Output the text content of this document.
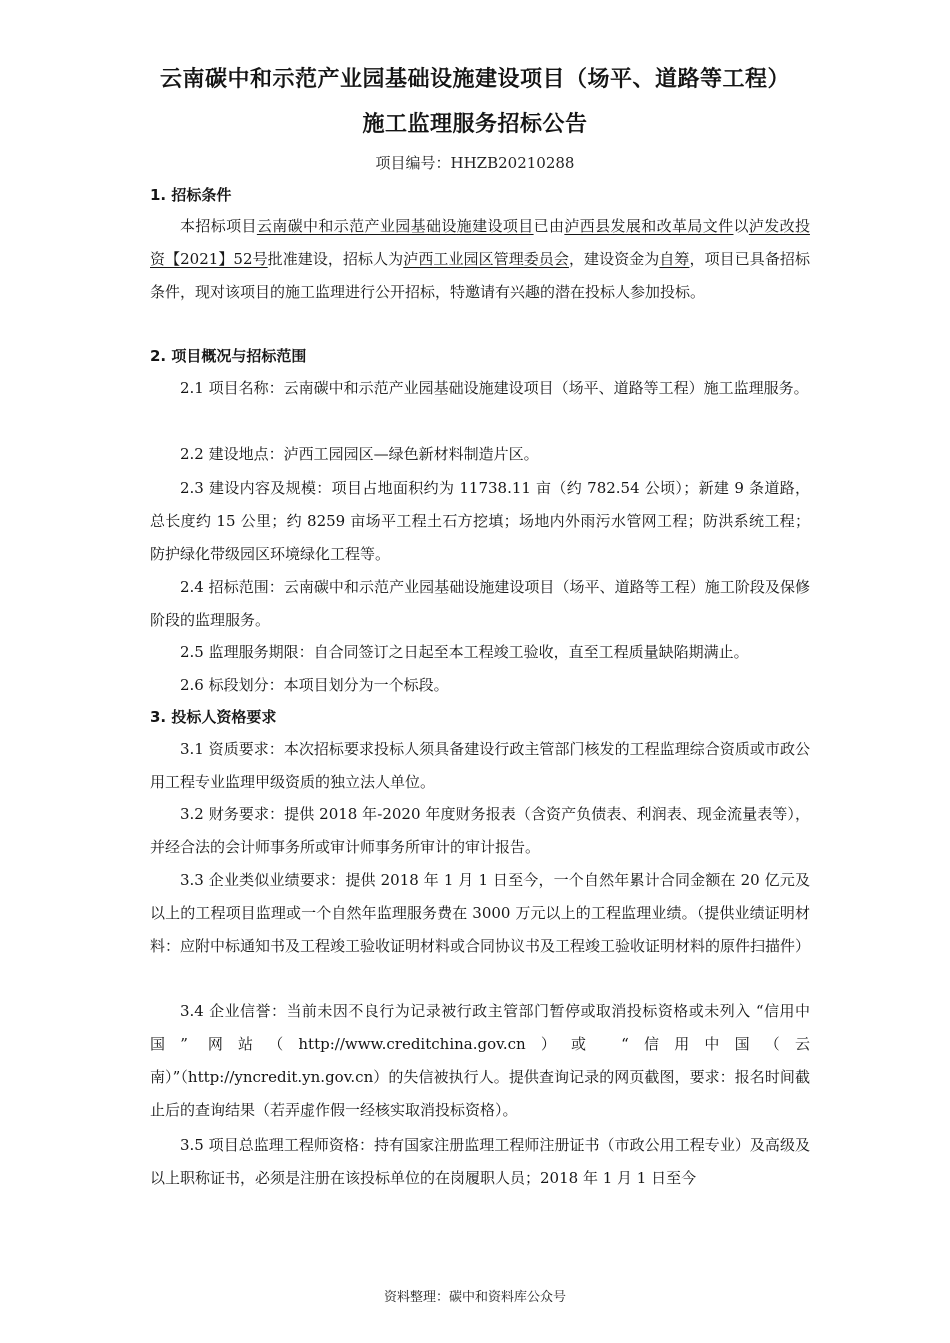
云南碳中和示范产业园基础设施建设项目（场平、道路等工程）
施工监理服务招标公告
项目编号：HHZB20210288
1. 招标条件
本招标项目云南碳中和示范产业园基础设施建设项目已由泸西县发展和改革局文件以泸发改投资【2021】52号批准建设，招标人为泸西工业园区管理委员会，建设资金为自筹，项目已具备招标条件，现对该项目的施工监理进行公开招标，特邀请有兴趣的潜在投标人参加投标。
2. 项目概况与招标范围
2.1 项目名称：云南碳中和示范产业园基础设施建设项目（场平、道路等工程）施工监理服务。
2.2 建设地点：泸西工园园区—绿色新材料制造片区。
2.3 建设内容及规模：项目占地面积约为 11738.11 亩（约 782.54 公顷）；新建 9 条道路，总长度约 15 公里；约 8259 亩场平工程土石方挖填；场地内外雨污水管网工程；防洪系统工程；防护绿化带级园区环境绿化工程等。
2.4 招标范围：云南碳中和示范产业园基础设施建设项目（场平、道路等工程）施工阶段及保修阶段的监理服务。
2.5 监理服务期限：自合同签订之日起至本工程竣工验收，直至工程质量缺陷期满止。
2.6 标段划分：本项目划分为一个标段。
3. 投标人资格要求
3.1 资质要求：本次招标要求投标人须具备建设行政主管部门核发的工程监理综合资质或市政公用工程专业监理甲级资质的独立法人单位。
3.2 财务要求：提供 2018 年-2020 年度财务报表（含资产负债表、利润表、现金流量表等），并经合法的会计师事务所或审计师事务所审计的审计报告。
3.3 企业类似业绩要求：提供 2018 年 1 月 1 日至今，一个自然年累计合同金额在 20 亿元及以上的工程项目监理或一个自然年监理服务费在 3000 万元以上的工程监理业绩。（提供业绩证明材料：应附中标通知书及工程竣工验收证明材料或合同协议书及工程竣工验收证明材料的原件扫描件）
3.4 企业信誉：当前未因不良行为记录被行政主管部门暂停或取消投标资格或未列入 “信用中国” 网站（http://www.creditchina.gov.cn）或 “信用中国（云南）”（http://yncredit.yn.gov.cn）的失信被执行人。提供查询记录的网页截图，要求：报名时间截止后的查询结果（若弄虚作假一经核实取消投标资格）。
3.5 项目总监理工程师资格：持有国家注册监理工程师注册证书（市政公用工程专业）及高级及以上职称证书，必须是注册在该投标单位的在岗履职人员；2018 年 1 月 1 日至今
资料整理：碳中和资料库公众号
